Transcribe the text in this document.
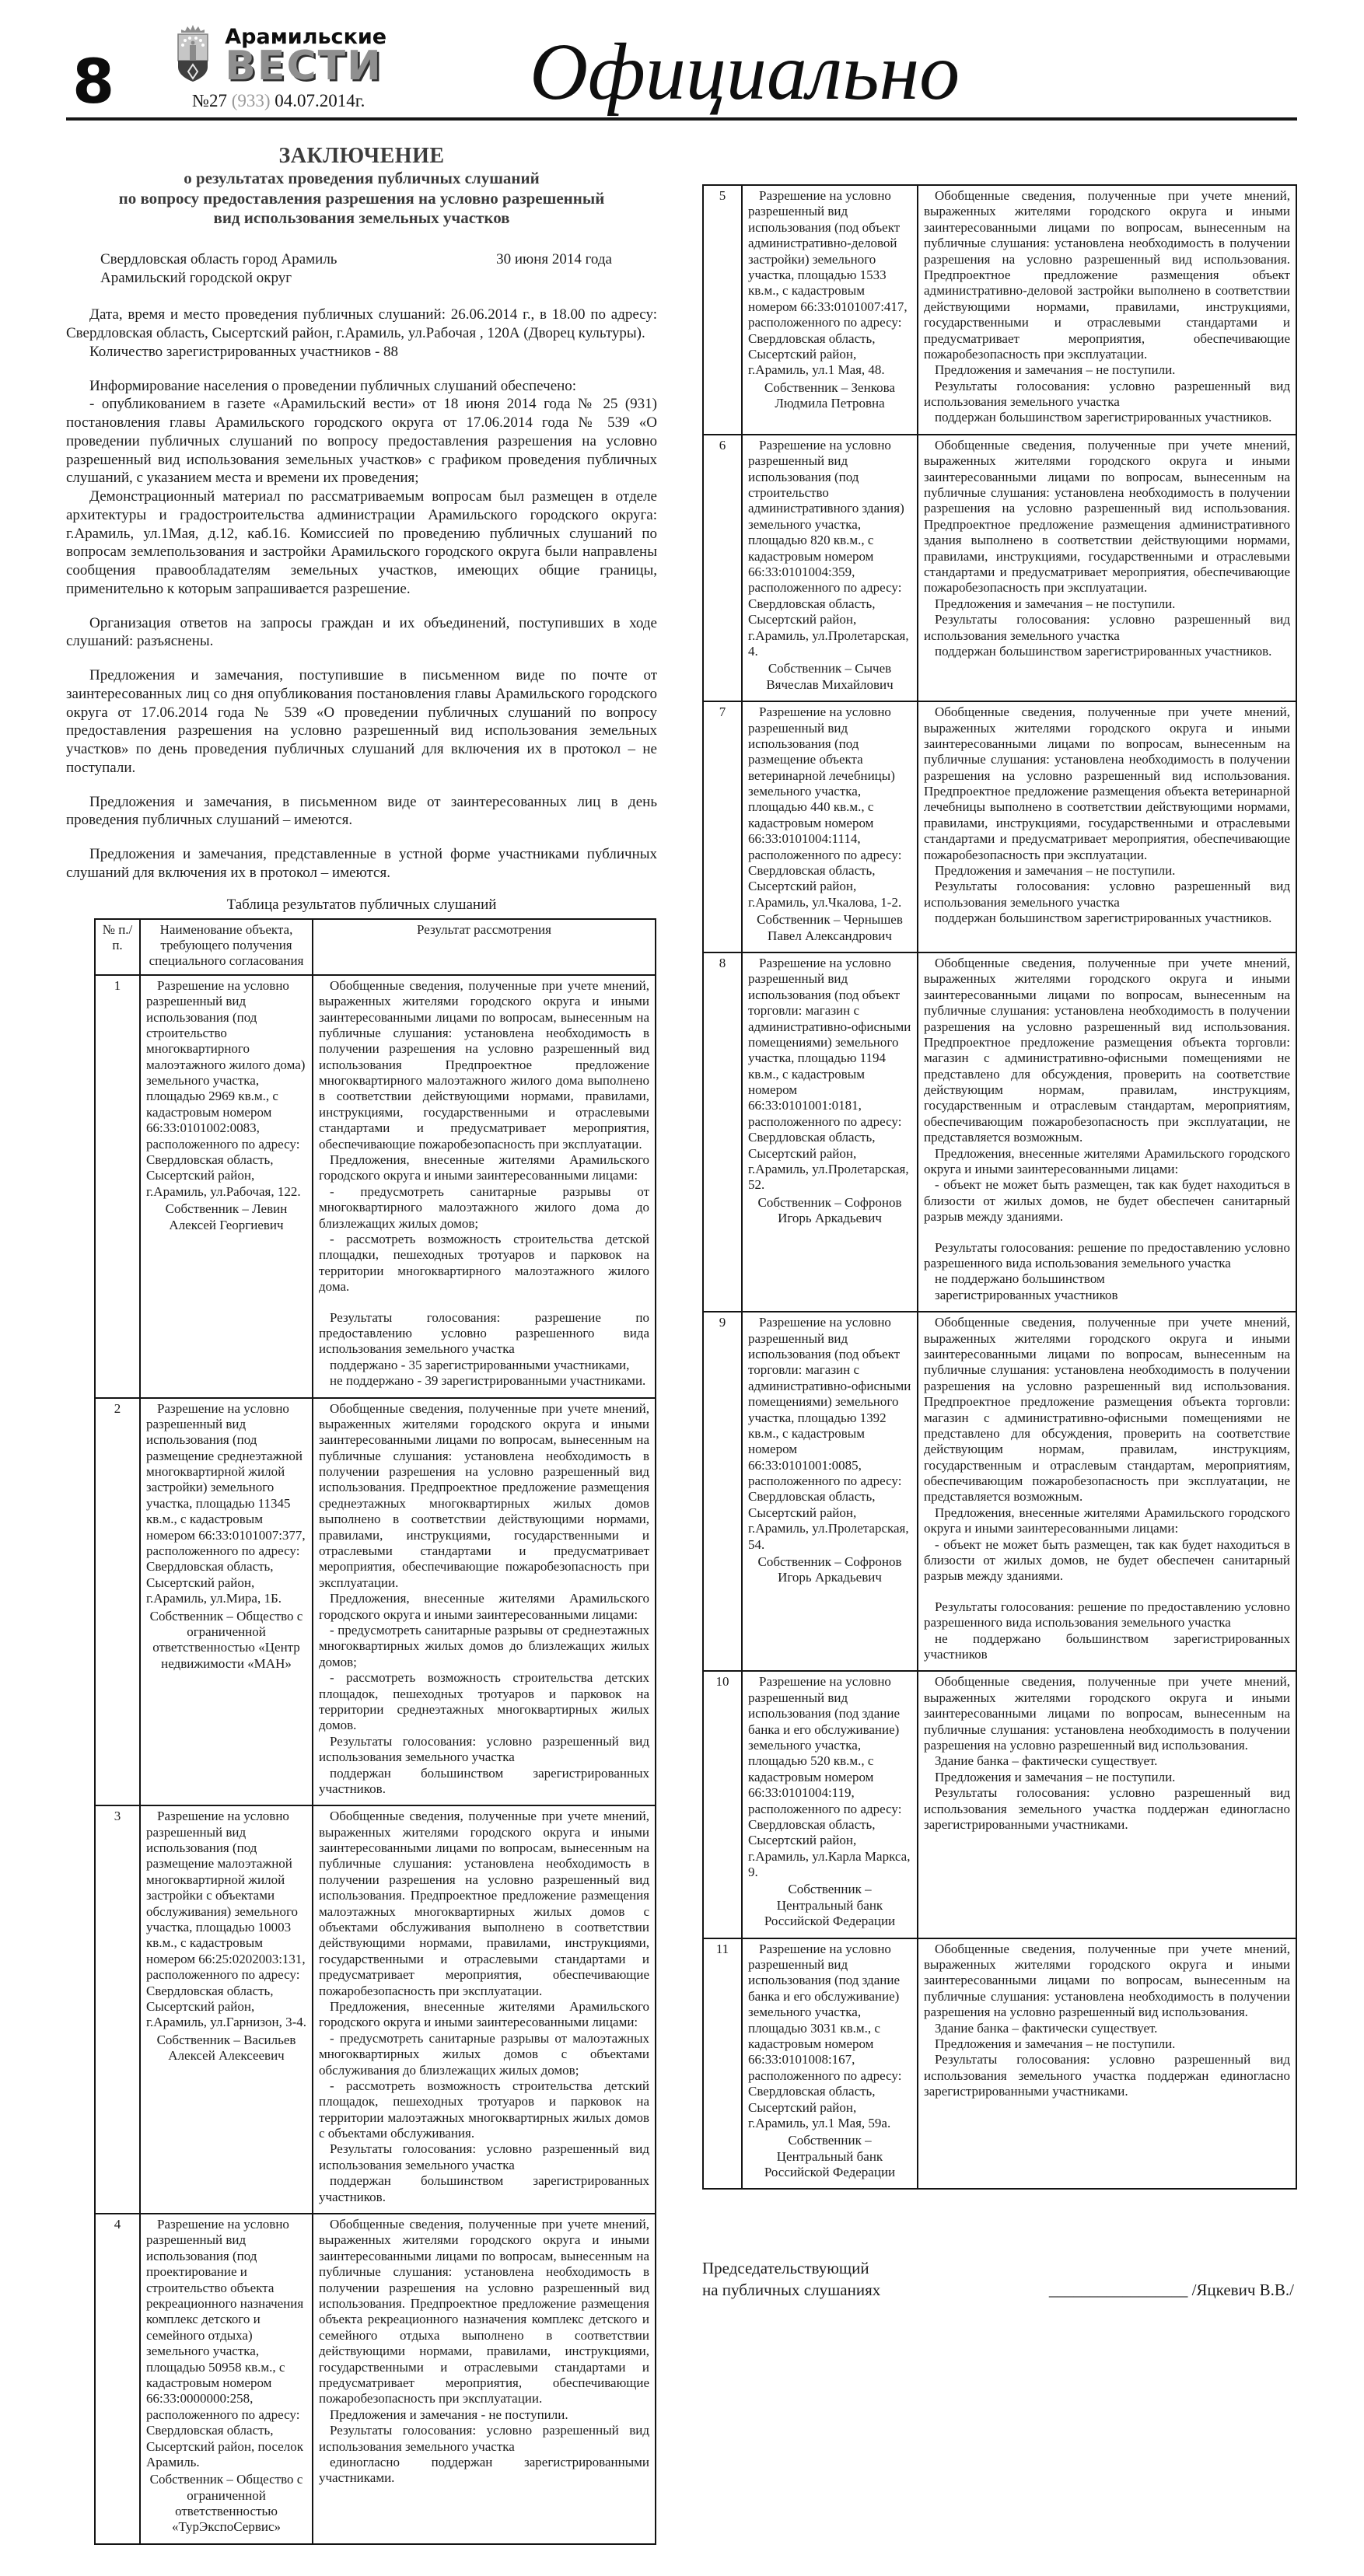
8
Арамильские
ВЕСТИ
№27 (933) 04.07.2014г.	Официально
ЗАКЛЮЧЕНИЕ

о результатах проведения публичных слушаний

по вопросу предоставления разрешения на условно разрешенный

вид использования земельных участков

Свердловская область город Арамиль
Арамильский городской округ
30 июня 2014 года

Дата, время и место проведения публичных слушаний: 26.06.2014 г., в 18.00 по адресу: Свердловская область, Сысертский район, г.Арамиль, ул.Рабочая , 120А (Дворец культуры).

Количество зарегистрированных участников - 88

Информирование населения о проведении публичных слушаний обеспечено:

- опубликованием в газете «Арамильский вести» от 18 июня 2014 года № 25 (931) постановления главы Арамильского городского округа от 17.06.2014 года № 539 «О проведении публичных слушаний по вопросу предоставления разрешения на условно разрешенный вид использования земельных участков» с графиком проведения публичных слушаний, с указанием места и времени их проведения;

Демонстрационный материал по рассматриваемым вопросам был размещен в отделе архитектуры и градостроительства администрации Арамильского городского округа: г.Арамиль, ул.1Мая, д.12, каб.16. Комиссией по проведению публичных слушаний по вопросам землепользования и застройки Арамильского городского округа были направлены сообщения правообладателям земельных участков, имеющих общие границы, применительно к которым запрашивается разрешение.

Организация ответов на запросы граждан и их объединений, поступивших в ходе слушаний: разъяснены.

Предложения и замечания, поступившие в письменном виде по почте от заинтересованных лиц со дня опубликования постановления главы Арамильского городского округа от 17.06.2014 года № 539 «О проведении публичных слушаний по вопросу предоставления разрешения на условно разрешенный вид использования земельных участков» по день проведения публичных слушаний для включения их в протокол – не поступали.

Предложения и замечания, в письменном виде от заинтересованных лиц в день проведения публичных слушаний – имеются.

Предложения и замечания, представленные в устной форме участниками публичных слушаний для включения их в протокол – имеются.

Таблица результатов публичных слушаний
№ п./п.	Наименование объекта, требующего получения специального согласования	Результат рассмотрения
1	Разрешение на условно разрешенный вид использования (под строительство многоквартирного малоэтажного жилого дома) земельного участка, площадью 2969 кв.м., с кадастровым номером 66:33:0101002:0083, расположенного по адресу: Свердловская область, Сысертский район, г.Арамиль, ул.Рабочая, 122.
Собственник – Левин Алексей Георгиевич

Обобщенные сведения, полученные при учете мнений, выраженных жителями городского округа и иными заинтересованными лицами по вопросам, вынесенным на публичные слушания: установлена необходимость в получении разрешения на условно разрешенный вид использования Предпроектное предложение многоквартирного малоэтажного жилого дома выполнено в соответствии действующими нормами, правилами, инструкциями, государственными и отраслевыми стандартами и предусматривает мероприятия, обеспечивающие пожаробезопасность при эксплуатации.

Предложения, внесенные жителями Арамильского городского округа и иными заинтересованными лицами:

- предусмотреть санитарные разрывы от многоквартирного малоэтажного жилого дома до близлежащих жилых домов;

- рассмотреть возможность строительства детской площадки, пешеходных тротуаров и парковок на территории многоквартирного малоэтажного жилого дома.

Результаты голосования: разрешение по предоставлению условно разрешенного вида использования земельного участка

поддержано - 35 зарегистрированными участниками,

не поддержано - 39 зарегистрированными участниками.

2	Разрешение на условно разрешенный вид использования (под размещение среднеэтажной многоквартирной жилой застройки) земельного участка, площадью 11345 кв.м., с кадастровым номером 66:33:0101007:377, расположенного по адресу: Свердловская область, Сысертский район, г.Арамиль, ул.Мира, 1Б.
Собственник – Общество с ограниченной ответственностью «Центр недвижимости «МАН»

Обобщенные сведения, полученные при учете мнений, выраженных жителями городского округа и иными заинтересованными лицами по вопросам, вынесенным на публичные слушания: установлена необходимость в получении разрешения на условно разрешенный вид использования. Предпроектное предложение размещения среднеэтажных многоквартирных жилых домов выполнено в соответствии действующими нормами, правилами, инструкциями, государственными и отраслевыми стандартами и предусматривает мероприятия, обеспечивающие пожаробезопасность при эксплуатации.

Предложения, внесенные жителями Арамильского городского округа и иными заинтересованными лицами:

- предусмотреть санитарные разрывы от среднеэтажных многоквартирных жилых домов до близлежащих жилых домов;

- рассмотреть возможность строительства детских площадок, пешеходных тротуаров и парковок на территории среднеэтажных многоквартирных жилых домов.

Результаты голосования: условно разрешенный вид использования земельного участка

поддержан большинством зарегистрированных участников.

3	Разрешение на условно разрешенный вид использования (под размещение малоэтажной многоквартирной жилой застройки с объектами обслуживания) земельного участка, площадью 10003 кв.м., с кадастровым номером 66:25:0202003:131, расположенного по адресу: Свердловская область, Сысертский район, г.Арамиль, ул.Гарнизон, 3-4.
Собственник – Васильев Алексей Алексеевич

Обобщенные сведения, полученные при учете мнений, выраженных жителями городского округа и иными заинтересованными лицами по вопросам, вынесенным на публичные слушания: установлена необходимость в получении разрешения на условно разрешенный вид использования. Предпроектное предложение размещения малоэтажных многоквартирных жилых домов с объектами обслуживания выполнено в соответствии действующими нормами, правилами, инструкциями, государственными и отраслевыми стандартами и предусматривает мероприятия, обеспечивающие пожаробезопасность при эксплуатации.

Предложения, внесенные жителями Арамильского городского округа и иными заинтересованными лицами:

- предусмотреть санитарные разрывы от малоэтажных многоквартирных жилых домов с объектами обслуживания до близлежащих жилых домов;

- рассмотреть возможность строительства детский площадок, пешеходных тротуаров и парковок на территории малоэтажных многоквартирных жилых домов с объектами обслуживания.

Результаты голосования: условно разрешенный вид использования земельного участка

поддержан большинством зарегистрированных участников.

4	Разрешение на условно разрешенный вид использования (под проектирование и строительство объекта рекреационного назначения комплекс детского и семейного отдыха) земельного участка, площадью 50958 кв.м., с кадастровым номером 66:33:0000000:258, расположенного по адресу: Свердловская область, Сысертский район, поселок Арамиль.
Собственник – Общество с ограниченной ответственностью «ТурЭкспоСервис»

Обобщенные сведения, полученные при учете мнений, выраженных жителями городского округа и иными заинтересованными лицами по вопросам, вынесенным на публичные слушания: установлена необходимость в получении разрешения на условно разрешенный вид использования. Предпроектное предложение размещения объекта рекреационного назначения комплекс детского и семейного отдыха выполнено в соответствии действующими нормами, правилами, инструкциями, государственными и отраслевыми стандартами и предусматривает мероприятия, обеспечивающие пожаробезопасность при эксплуатации.

Предложения и замечания - не поступили.

Результаты голосования: условно разрешенный вид использования земельного участка

единогласно поддержан зарегистрированными участниками.

5	Разрешение на условно разрешенный вид использования (под объект административно-деловой застройки) земельного участка, площадью 1533 кв.м., с кадастровым номером 66:33:0101007:417, расположенного по адресу: Свердловская область, Сысертский район, г.Арамиль, ул.1 Мая, 48.
Собственник – Зенкова Людмила Петровна

Обобщенные сведения, полученные при учете мнений, выраженных жителями городского округа и иными заинтересованными лицами по вопросам, вынесенным на публичные слушания: установлена необходимость в получении разрешения на условно разрешенный вид использования. Предпроектное предложение размещения объект административно-деловой застройки выполнено в соответствии действующими нормами, правилами, инструкциями, государственными и отраслевыми стандартами и предусматривает мероприятия, обеспечивающие пожаробезопасность при эксплуатации.

Предложения и замечания – не поступили.

Результаты голосования: условно разрешенный вид использования земельного участка

поддержан большинством зарегистрированных участников.

6	Разрешение на условно разрешенный вид использования (под строительство административного здания) земельного участка, площадью 820 кв.м., с кадастровым номером 66:33:0101004:359, расположенного по адресу: Свердловская область, Сысертский район, г.Арамиль, ул.Пролетарская, 4.
Собственник – Сычев Вячеслав Михайлович

Обобщенные сведения, полученные при учете мнений, выраженных жителями городского округа и иными заинтересованными лицами по вопросам, вынесенным на публичные слушания: установлена необходимость в получении разрешения на условно разрешенный вид использования. Предпроектное предложение размещения административного здания выполнено в соответствии действующими нормами, правилами, инструкциями, государственными и отраслевыми стандартами и предусматривает мероприятия, обеспечивающие пожаробезопасность при эксплуатации.

Предложения и замечания – не поступили.

Результаты голосования: условно разрешенный вид использования земельного участка

поддержан большинством зарегистрированных участников.

7	Разрешение на условно разрешенный вид использования (под размещение объекта ветеринарной лечебницы) земельного участка, площадью 440 кв.м., с кадастровым номером 66:33:0101004:1114, расположенного по адресу: Свердловская область, Сысертский район, г.Арамиль, ул.Чкалова, 1-2.
Собственник – Чернышев Павел Александрович

Обобщенные сведения, полученные при учете мнений, выраженных жителями городского округа и иными заинтересованными лицами по вопросам, вынесенным на публичные слушания: установлена необходимость в получении разрешения на условно разрешенный вид использования. Предпроектное предложение размещения объекта ветеринарной лечебницы выполнено в соответствии действующими нормами, правилами, инструкциями, государственными и отраслевыми стандартами и предусматривает мероприятия, обеспечивающие пожаробезопасность при эксплуатации.

Предложения и замечания – не поступили.

Результаты голосования: условно разрешенный вид использования земельного участка

поддержан большинством зарегистрированных участников.

8	Разрешение на условно разрешенный вид использования (под объект торговли: магазин с административно-офисными помещениями) земельного участка, площадью 1194 кв.м., с кадастровым номером 66:33:0101001:0181, расположенного по адресу: Свердловская область, Сысертский район, г.Арамиль, ул.Пролетарская, 52.
Собственник – Софронов Игорь Аркадьевич

Обобщенные сведения, полученные при учете мнений, выраженных жителями городского округа и иными заинтересованными лицами по вопросам, вынесенным на публичные слушания: установлена необходимость в получении разрешения на условно разрешенный вид использования. Предпроектное предложение размещения объекта торговли: магазин с административно-офисными помещениями не представлено для обсуждения, проверить на соответствие действующим нормам, правилам, инструкциям, государственным и отраслевым стандартам, мероприятиям, обеспечивающим пожаробезопасность при эксплуатации, не представляется возможным.

Предложения, внесенные жителями Арамильского городского округа и иными заинтересованными лицами:

- объект не может быть размещен, так как будет находиться в близости от жилых домов, не будет обеспечен санитарный разрыв между зданиями.

Результаты голосования: решение по предоставлению условно разрешенного вида использования земельного участка

не поддержано большинством

зарегистрированных участников

9	Разрешение на условно разрешенный вид использования (под объект торговли: магазин с административно-офисными помещениями) земельного участка, площадью 1392 кв.м., с кадастровым номером 66:33:0101001:0085, расположенного по адресу: Свердловская область, Сысертский район, г.Арамиль, ул.Пролетарская, 54.
Собственник – Софронов Игорь Аркадьевич

Обобщенные сведения, полученные при учете мнений, выраженных жителями городского округа и иными заинтересованными лицами по вопросам, вынесенным на публичные слушания: установлена необходимость в получении разрешения на условно разрешенный вид использования. Предпроектное предложение размещения объекта торговли: магазин с административно-офисными помещениями не представлено для обсуждения, проверить на соответствие действующим нормам, правилам, инструкциям, государственным и отраслевым стандартам, мероприятиям, обеспечивающим пожаробезопасность при эксплуатации, не представляется возможным.

Предложения, внесенные жителями Арамильского городского округа и иными заинтересованными лицами:

- объект не может быть размещен, так как будет находиться в близости от жилых домов, не будет обеспечен санитарный разрыв между зданиями.

Результаты голосования: решение по предоставлению условно разрешенного вида использования земельного участка

не поддержано большинством зарегистрированных участников

10	Разрешение на условно разрешенный вид использования (под здание банка и его обслуживание) земельного участка, площадью 520 кв.м., с кадастровым номером 66:33:0101004:119, расположенного по адресу: Свердловская область, Сысертский район, г.Арамиль, ул.Карла Маркса, 9.
Собственник – Центральный банк Российской Федерации

Обобщенные сведения, полученные при учете мнений, выраженных жителями городского округа и иными заинтересованными лицами по вопросам, вынесенным на публичные слушания: установлена необходимость в получении разрешения на условно разрешенный вид использования.

Здание банка – фактически существует.

Предложения и замечания – не поступили.

Результаты голосования: условно разрешенный вид использования земельного участка поддержан единогласно зарегистрированными участниками.

11	Разрешение на условно разрешенный вид использования (под здание банка и его обслуживание) земельного участка, площадью 3031 кв.м., с кадастровым номером 66:33:0101008:167, расположенного по адресу: Свердловская область, Сысертский район, г.Арамиль, ул.1 Мая, 59а.
Собственник – Центральный банк Российской Федерации

Обобщенные сведения, полученные при учете мнений, выраженных жителями городского округа и иными заинтересованными лицами по вопросам, вынесенным на публичные слушания: установлена необходимость в получении разрешения на условно разрешенный вид использования.

Здание банка – фактически существует.

Предложения и замечания – не поступили.

Результаты голосования: условно разрешенный вид использования земельного участка поддержан единогласно зарегистрированными участниками.

Председательствующий
на публичных слушаниях	_________________ /Яцкевич В.В./
